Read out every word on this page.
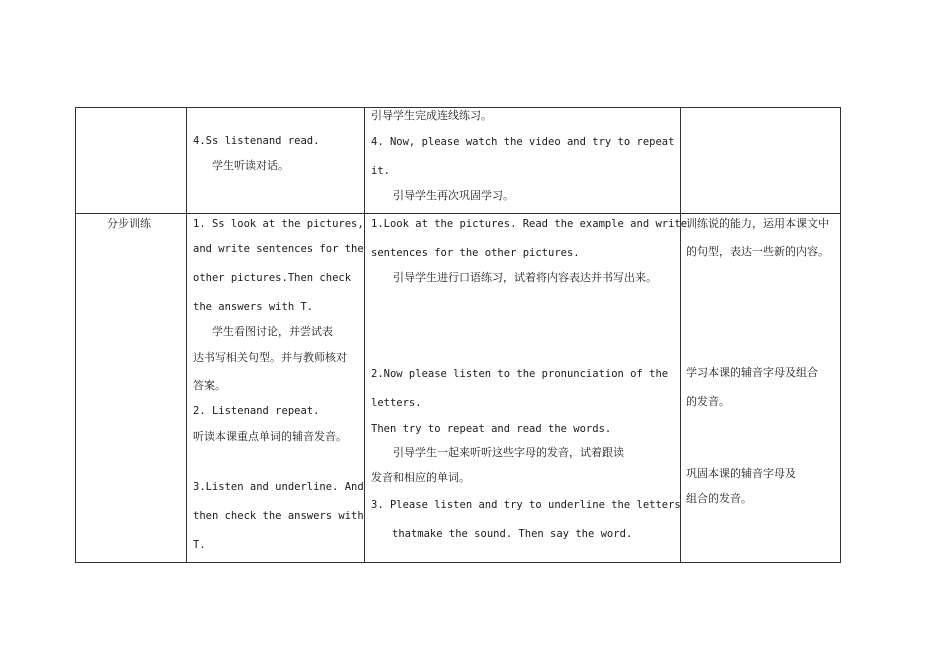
4.Ss listenand read.
学生听读对话。
引导学生完成连线练习。
4. Now, please watch the video and try to repeat
it.
引导学生再次巩固学习。
分步训练	1. Ss look at the pictures,
and write sentences for the
other pictures.Then check
the answers with T.
学生看图讨论，并尝试表
达书写相关句型。并与教师核对
答案。
2. Listenand repeat.
听读本课重点单词的辅音发音。
3.Listen and underline. And
then check the answers with
T.
1.Look at the pictures. Read the example and write
sentences for the other pictures.
引导学生进行口语练习，试着将内容表达并书写出来。
2.Now please listen to the pronunciation of the
letters.
Then try to repeat and read the words.
引导学生一起来听听这些字母的发音，试着跟读
发音和相应的单词。
3. Please listen and try to underline the letters
thatmake the sound. Then say the word.
训练说的能力，运用本课文中
的句型，表达一些新的内容。
学习本课的辅音字母及组合
的发音。
巩固本课的辅音字母及
组合的发音。
